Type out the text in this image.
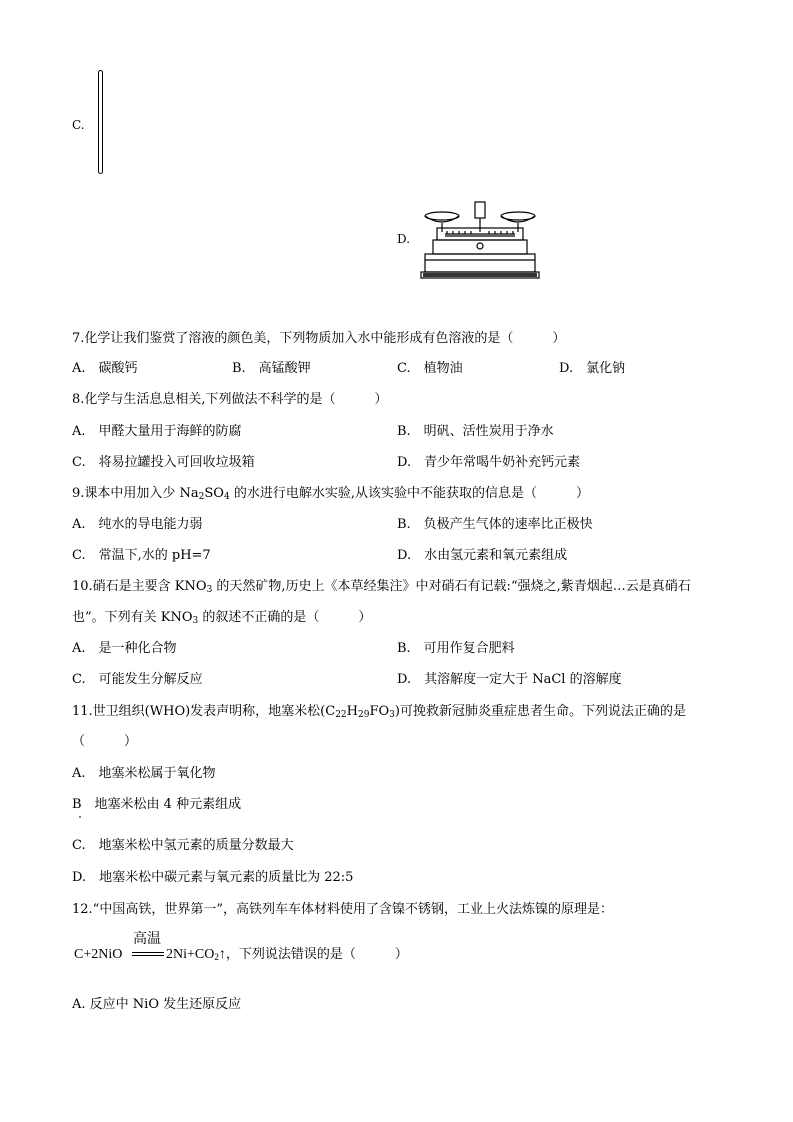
C.
D.
7.化学让我们鉴赏了溶液的颜色美，下列物质加入水中能形成有色溶液的是（　　　）
A.　碳酸钙	B.　高锰酸钾	C.　植物油	D.　氯化钠
8.化学与生活息息相关,下列做法不科学的是（　　　）
A.　甲醛大量用于海鲜的防腐	B.　明矾、活性炭用于净水
C.　将易拉罐投入可回收垃圾箱	D.　青少年常喝牛奶补充钙元素
9.课本中用加入少 $Na_2SO_4$ 的水进行电解水实验,从该实验中不能获取的信息是（　　　）
A.　纯水的导电能力弱	B.　负极产生气体的速率比正极快
C.　常温下,水的 pH=7	D.　水由氢元素和氧元素组成
10.硝石是主要含 $KNO_3$ 的天然矿物,历史上《本草经集注》中对硝石有记载:“强烧之,紫青烟起…云是真硝石
也”。下列有关 $KNO_3$ 的叙述不正确的是（　　　）
A.　是一种化合物	B.　可用作复合肥料
C.　可能发生分解反应	D.　其溶解度一定大于 NaCl 的溶解度
11.世卫组织(WHO)发表声明称，地塞米松$(C_{22}H_{29}FO_3)$可挽救新冠肺炎重症患者生命。下列说法正确的是
（　　　）
A.　地塞米松属于氧化物
B　地塞米松由 4 种元素组成
C.　地塞米松中氢元素的质量分数最大
D.　地塞米松中碳元素与氧元素的质量比为 22:5
12.“中国高铁，世界第一”，高铁列车车体材料使用了含镍不锈钢，工业上火法炼镍的原理是：
C+2NiO
高温
$2Ni+CO_2↑$，下列说法错误的是（　　　）
A. 反应中 NiO 发生还原反应
